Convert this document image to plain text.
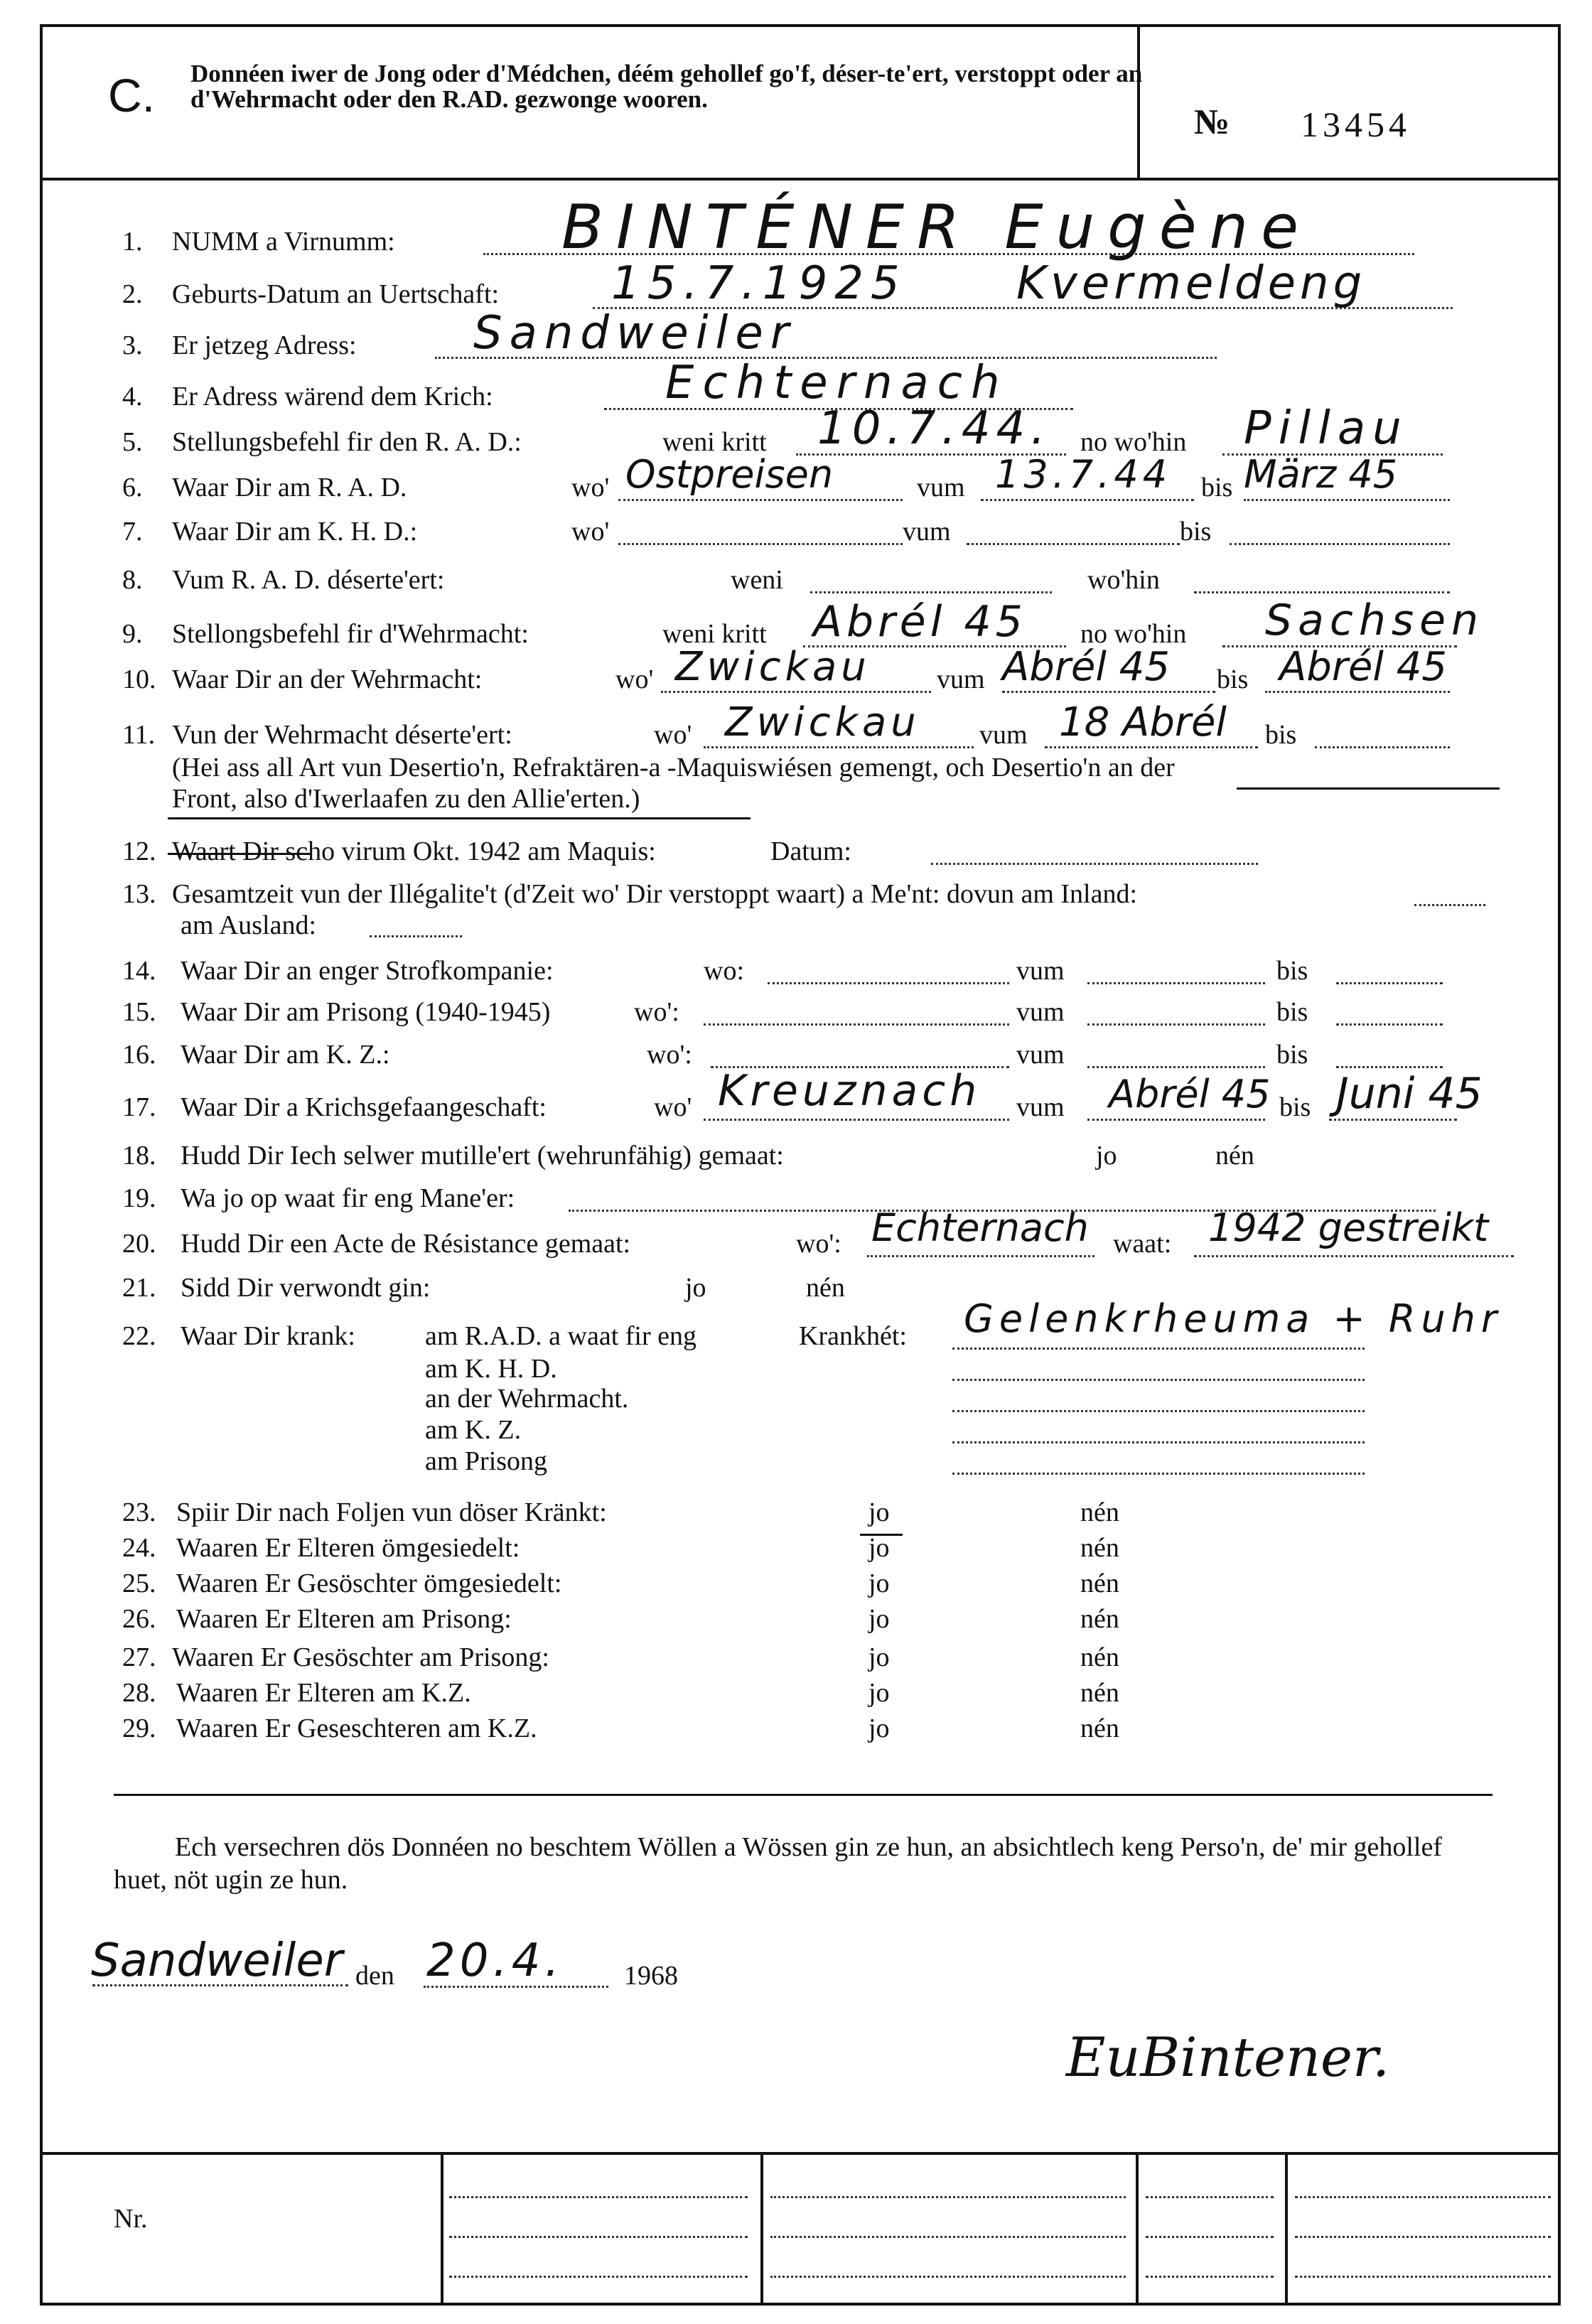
C. Donnéen iwer de Jong oder d'Médchen, déém gehollef go'f, déser-te'ert, verstoppt oder an d'Wehrmacht oder den R.AD. gezwonge wooren.
№ 13454
1. NUMM a Virnumm:	BINTÉNER Eugène
2. Geburts-Datum an Uertschaft: 15.7.1925 Kvermeldeng
3. Er jetzeg Adress:	Sandweiler
4. Er Adress wärend dem Krich:	Echternach
5. Stellungsbefehl fir den R. A. D.:	weni kritt 10.7.44. no wo'hin Pillau
6. Waar Dir am R. A. D.	wo' Ostpreisen	vum 13.7.44 bis März 45
7. Waar Dir am K. H. D.:	wo'	vum	bis
8. Vum R. A. D. déserte'ert:	weni	wo'hin
9. Stellongsbefehl fir d'Wehrmacht:	weni kritt Abrél 45 no wo'hin Sachsen
10. Waar Dir an der Wehrmacht:	wo' Zwickau vum Abrél 45 bis Abrél 45
11. Vun der Wehrmacht déserte'ert:	wo' Zwickau vum 18 Abrél bis
(Hei ass all Art vun Desertio'n, Refraktären-a -Maquiswiésen gemengt, och Desertio'n an der
Front, also d'Iwerlaafen zu den Allie'erten.)
12. Waart Dir scho virum Okt. 1942 am Maquis:	Datum:
13. Gesamtzeit vun der Illégalite't (d'Zeit wo' Dir verstoppt waart) a Me'nt: dovun am Inland:
am Ausland:
14. Waar Dir an enger Strofkompanie:	wo:	vum	bis
15. Waar Dir am Prisong (1940-1945)	wo':	vum	bis
16. Waar Dir am K. Z.:	wo':	vum	bis
17. Waar Dir a Krichsgefaangeschaft:	wo' Kreuznach vum Abrél 45 bis Juni 45
18. Hudd Dir Iech selwer mutille'ert (wehrunfähig) gemaat:	jo	nén
19. Wa jo op waat fir eng Mane'er:
20. Hudd Dir een Acte de Résistance gemaat:	wo': Echternach waat: 1942 gestreikt
21. Sidd Dir verwondt gin:	jo	nén
22. Waar Dir krank:	am R.A.D. a waat fir eng	Krankhét: Gelenkrheuma + Ruhr
am K. H. D.
an der Wehrmacht.
am K. Z.
am Prisong
23. Spiir Dir nach Foljen vun döser Kränkt:	jo	nén
24. Waaren Er Elteren ömgesiedelt:	jo	nén
25. Waaren Er Gesöschter ömgesiedelt:	jo	nén
26. Waaren Er Elteren am Prisong:	jo	nén
27. Waaren Er Gesöschter am Prisong:	jo	nén
28. Waaren Er Elteren am K.Z.	jo	nén
29. Waaren Er Geseschteren am K.Z.	jo	nén
Ech versechren dös Donnéen no beschtem Wöllen a Wössen gin ze hun, an absichtlech keng Perso'n, de' mir gehollef huet, nöt ugin ze hun.
Sandweiler den 20.4. 1968
EuBintener.
Nr.
